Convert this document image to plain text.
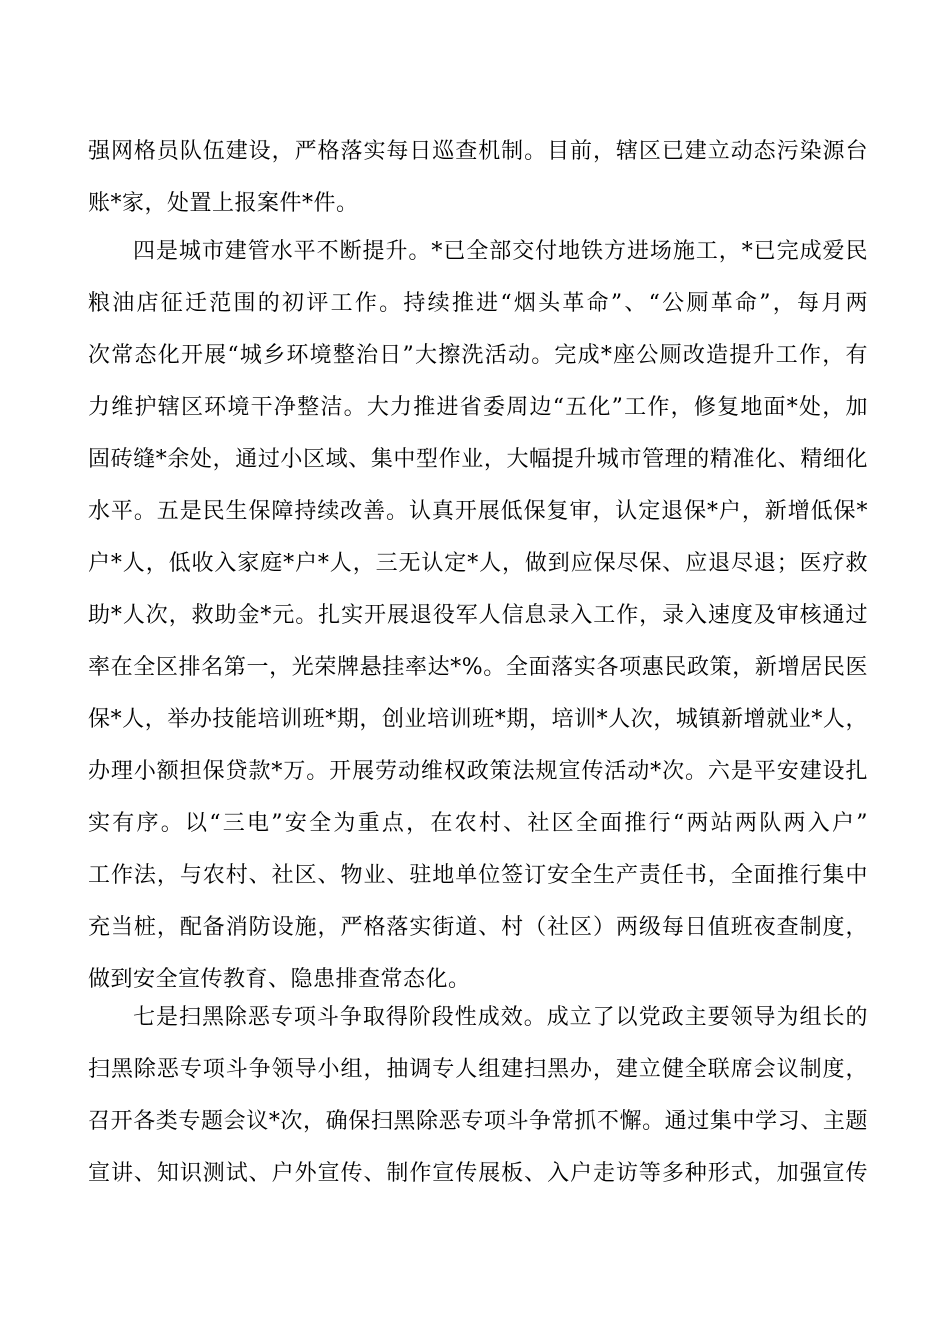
强网格员队伍建设，严格落实每日巡查机制。目前，辖区已建立动态污染源台
账*家，处置上报案件*件。
四是城市建管水平不断提升。*已全部交付地铁方进场施工，*已完成爱民
粮油店征迁范围的初评工作。持续推进“烟头革命”、“公厕革命”，每月两
次常态化开展“城乡环境整治日”大擦洗活动。完成*座公厕改造提升工作，有
力维护辖区环境干净整洁。大力推进省委周边“五化”工作，修复地面*处，加
固砖缝*余处，通过小区域、集中型作业，大幅提升城市管理的精准化、精细化
水平。五是民生保障持续改善。认真开展低保复审，认定退保*户，新增低保*
户*人，低收入家庭*户*人，三无认定*人，做到应保尽保、应退尽退；医疗救
助*人次，救助金*元。扎实开展退役军人信息录入工作，录入速度及审核通过
率在全区排名第一，光荣牌悬挂率达*%。全面落实各项惠民政策，新增居民医
保*人，举办技能培训班*期，创业培训班*期，培训*人次，城镇新增就业*人，
办理小额担保贷款*万。开展劳动维权政策法规宣传活动*次。六是平安建设扎
实有序。以“三电”安全为重点，在农村、社区全面推行“两站两队两入户”
工作法，与农村、社区、物业、驻地单位签订安全生产责任书，全面推行集中
充当桩，配备消防设施，严格落实街道、村（社区）两级每日值班夜查制度，
做到安全宣传教育、隐患排查常态化。
七是扫黑除恶专项斗争取得阶段性成效。成立了以党政主要领导为组长的
扫黑除恶专项斗争领导小组，抽调专人组建扫黑办，建立健全联席会议制度，
召开各类专题会议*次，确保扫黑除恶专项斗争常抓不懈。通过集中学习、主题
宣讲、知识测试、户外宣传、制作宣传展板、入户走访等多种形式，加强宣传
